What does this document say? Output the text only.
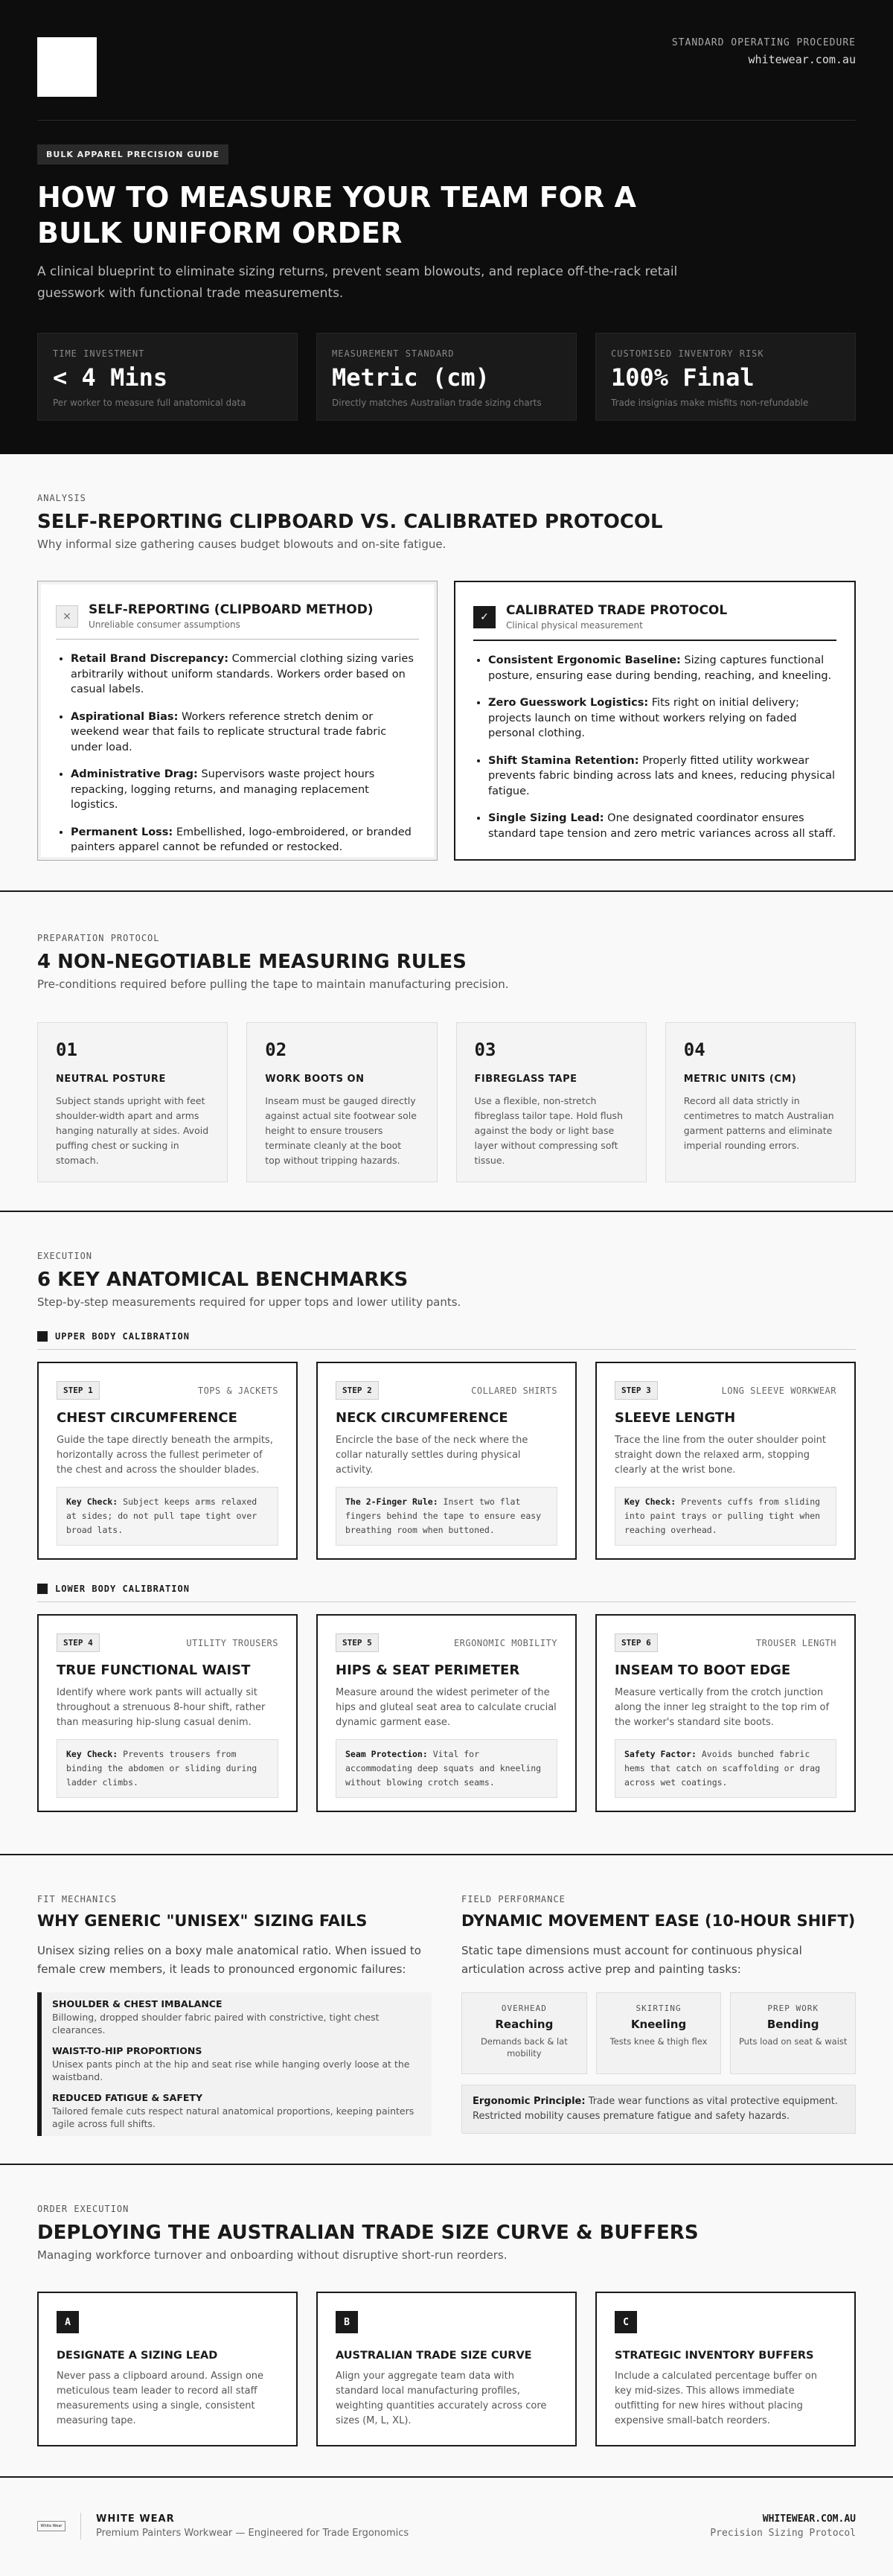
STANDARD OPERATING PROCEDURE
whitewear.com.au
BULK APPAREL PRECISION GUIDE
HOW TO MEASURE YOUR TEAM FOR A BULK UNIFORM ORDER

A clinical blueprint to eliminate sizing returns, prevent seam blowouts, and replace off-the-rack retail guesswork with functional trade measurements.

TIME INVESTMENT
< 4 Mins
Per worker to measure full anatomical data
MEASUREMENT STANDARD
Metric (cm)
Directly matches Australian trade sizing charts
CUSTOMISED INVENTORY RISK
100% Final
Trade insignias make misfits non-refundable
ANALYSIS
SELF-REPORTING CLIPBOARD VS. CALIBRATED PROTOCOL
Why informal size gathering causes budget blowouts and on-site fatigue.
×	SELF-REPORTING (CLIPBOARD METHOD)
Unreliable consumer assumptions
• Retail Brand Discrepancy: Commercial clothing sizing varies arbitrarily without uniform standards. Workers order based on casual labels.
• Aspirational Bias: Workers reference stretch denim or weekend wear that fails to replicate structural trade fabric under load.
• Administrative Drag: Supervisors waste project hours repacking, logging returns, and managing replacement logistics.
• Permanent Loss: Embellished, logo-embroidered, or branded painters apparel cannot be refunded or restocked.
✓	CALIBRATED TRADE PROTOCOL
Clinical physical measurement
• Consistent Ergonomic Baseline: Sizing captures functional posture, ensuring ease during bending, reaching, and kneeling.
• Zero Guesswork Logistics: Fits right on initial delivery; projects launch on time without workers relying on faded personal clothing.
• Shift Stamina Retention: Properly fitted utility workwear prevents fabric binding across lats and knees, reducing physical fatigue.
• Single Sizing Lead: One designated coordinator ensures standard tape tension and zero metric variances across all staff.
PREPARATION PROTOCOL
4 NON-NEGOTIABLE MEASURING RULES
Pre-conditions required before pulling the tape to maintain manufacturing precision.
01
NEUTRAL POSTURE
Subject stands upright with feet shoulder-width apart and arms hanging naturally at sides. Avoid puffing chest or sucking in stomach.
02
WORK BOOTS ON
Inseam must be gauged directly against actual site footwear sole height to ensure trousers terminate cleanly at the boot top without tripping hazards.
03
FIBREGLASS TAPE
Use a flexible, non-stretch fibreglass tailor tape. Hold flush against the body or light base layer without compressing soft tissue.
04
METRIC UNITS (CM)
Record all data strictly in centimetres to match Australian garment patterns and eliminate imperial rounding errors.
EXECUTION
6 KEY ANATOMICAL BENCHMARKS
Step-by-step measurements required for upper tops and lower utility pants.
UPPER BODY CALIBRATION
STEP 1	TOPS & JACKETS
CHEST CIRCUMFERENCE
Guide the tape directly beneath the armpits, horizontally across the fullest perimeter of the chest and across the shoulder blades.
Key Check: Subject keeps arms relaxed at sides; do not pull tape tight over broad lats.
STEP 2	COLLARED SHIRTS
NECK CIRCUMFERENCE
Encircle the base of the neck where the collar naturally settles during physical activity.
The 2-Finger Rule: Insert two flat fingers behind the tape to ensure easy breathing room when buttoned.
STEP 3	LONG SLEEVE WORKWEAR
SLEEVE LENGTH
Trace the line from the outer shoulder point straight down the relaxed arm, stopping clearly at the wrist bone.
Key Check: Prevents cuffs from sliding into paint trays or pulling tight when reaching overhead.
LOWER BODY CALIBRATION
STEP 4	UTILITY TROUSERS
TRUE FUNCTIONAL WAIST
Identify where work pants will actually sit throughout a strenuous 8-hour shift, rather than measuring hip-slung casual denim.
Key Check: Prevents trousers from binding the abdomen or sliding during ladder climbs.
STEP 5	ERGONOMIC MOBILITY
HIPS & SEAT PERIMETER
Measure around the widest perimeter of the hips and gluteal seat area to calculate crucial dynamic garment ease.
Seam Protection: Vital for accommodating deep squats and kneeling without blowing crotch seams.
STEP 6	TROUSER LENGTH
INSEAM TO BOOT EDGE
Measure vertically from the crotch junction along the inner leg straight to the top rim of the worker's standard site boots.
Safety Factor: Avoids bunched fabric hems that catch on scaffolding or drag across wet coatings.
FIT MECHANICS
WHY GENERIC "UNISEX" SIZING FAILS

Unisex sizing relies on a boxy male anatomical ratio. When issued to female crew members, it leads to pronounced ergonomic failures:

SHOULDER & CHEST IMBALANCE
Billowing, dropped shoulder fabric paired with constrictive, tight chest clearances.
WAIST-TO-HIP PROPORTIONS
Unisex pants pinch at the hip and seat rise while hanging overly loose at the waistband.
REDUCED FATIGUE & SAFETY
Tailored female cuts respect natural anatomical proportions, keeping painters agile across full shifts.
FIELD PERFORMANCE
DYNAMIC MOVEMENT EASE (10-HOUR SHIFT)

Static tape dimensions must account for continuous physical articulation across active prep and painting tasks:

OVERHEAD
Reaching
Demands back & lat mobility
SKIRTING
Kneeling
Tests knee & thigh flex
PREP WORK
Bending
Puts load on seat & waist
Ergonomic Principle: Trade wear functions as vital protective equipment. Restricted mobility causes premature fatigue and safety hazards.
ORDER EXECUTION
DEPLOYING THE AUSTRALIAN TRADE SIZE CURVE & BUFFERS
Managing workforce turnover and onboarding without disruptive short-run reorders.
A
DESIGNATE A SIZING LEAD
Never pass a clipboard around. Assign one meticulous team leader to record all staff measurements using a single, consistent measuring tape.
B
AUSTRALIAN TRADE SIZE CURVE
Align your aggregate team data with standard local manufacturing profiles, weighting quantities accurately across core sizes (M, L, XL).
C
STRATEGIC INVENTORY BUFFERS
Include a calculated percentage buffer on key mid-sizes. This allows immediate outfitting for new hires without placing expensive small-batch reorders.
White Wear
WHITE WEAR
Premium Painters Workwear — Engineered for Trade Ergonomics
WHITEWEAR.COM.AU
Precision Sizing Protocol
